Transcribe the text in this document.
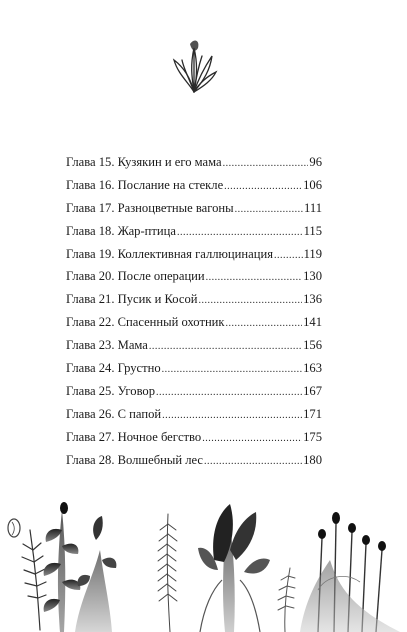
Глава 15. Кузякин и его мама .....	96
Глава 16. Послание на стекле .....	106
Глава 17. Разноцветные вагоны .....	111
Глава 18. Жар-птица .....	115
Глава 19. Коллективная галлюцинация ..... 119
Глава 20. После операции .....	130
Глава 21. Пусик и Косой .....	136
Глава 22. Спасенный охотник .....	141
Глава 23. Мама .....	156
Глава 24. Грустно .....	163
Глава 25. Уговор .....	167
Глава 26. С папой .....	171
Глава 27. Ночное бегство .....	175
Глава 28. Волшебный лес .....	180
